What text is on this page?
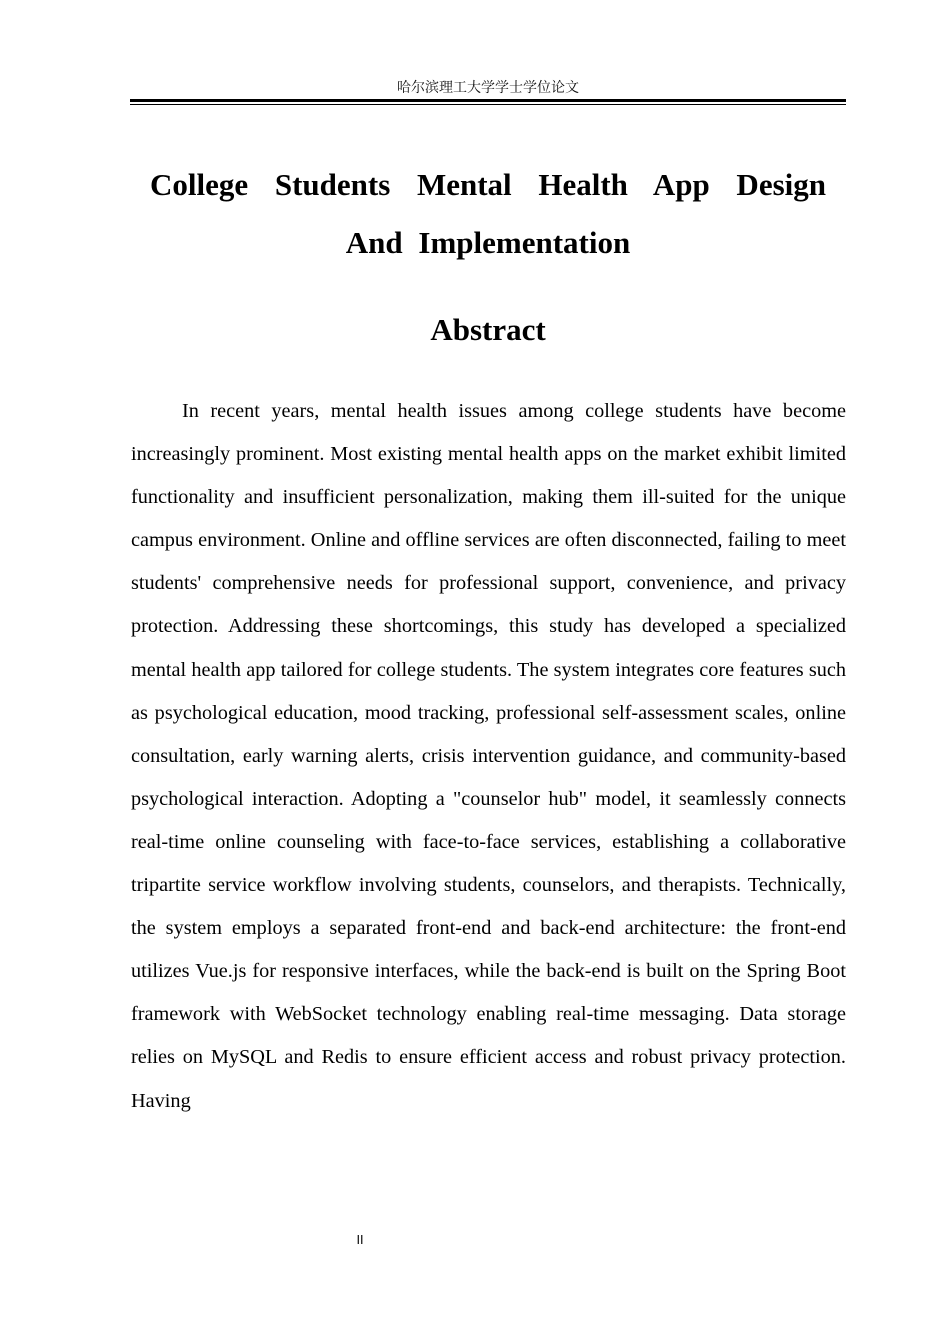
哈尔滨理工大学学士学位论文
College Students Mental Health App Design And Implementation
Abstract

In recent years, mental health issues among college students have become increasingly prominent. Most existing mental health apps on the market exhibit limited functionality and insufficient personalization, making them ill-suited for the unique campus environment. Online and offline services are often disconnected, failing to meet students' comprehensive needs for professional support, convenience, and privacy protection. Addressing these shortcomings, this study has developed a specialized mental health app tailored for college students. The system integrates core features such as psychological education, mood tracking, professional self-assessment scales, online consultation, early warning alerts, crisis intervention guidance, and community-based psychological interaction. Adopting a "counselor hub" model, it seamlessly connects real-time online counseling with face-to-face services, establishing a collaborative tripartite service workflow involving students, counselors, and therapists. Technically, the system employs a separated front-end and back-end architecture: the front-end utilizes Vue.js for responsive interfaces, while the back-end is built on the Spring Boot framework with WebSocket technology enabling real-time messaging. Data storage relies on MySQL and Redis to ensure efficient access and robust privacy protection. Having

II
